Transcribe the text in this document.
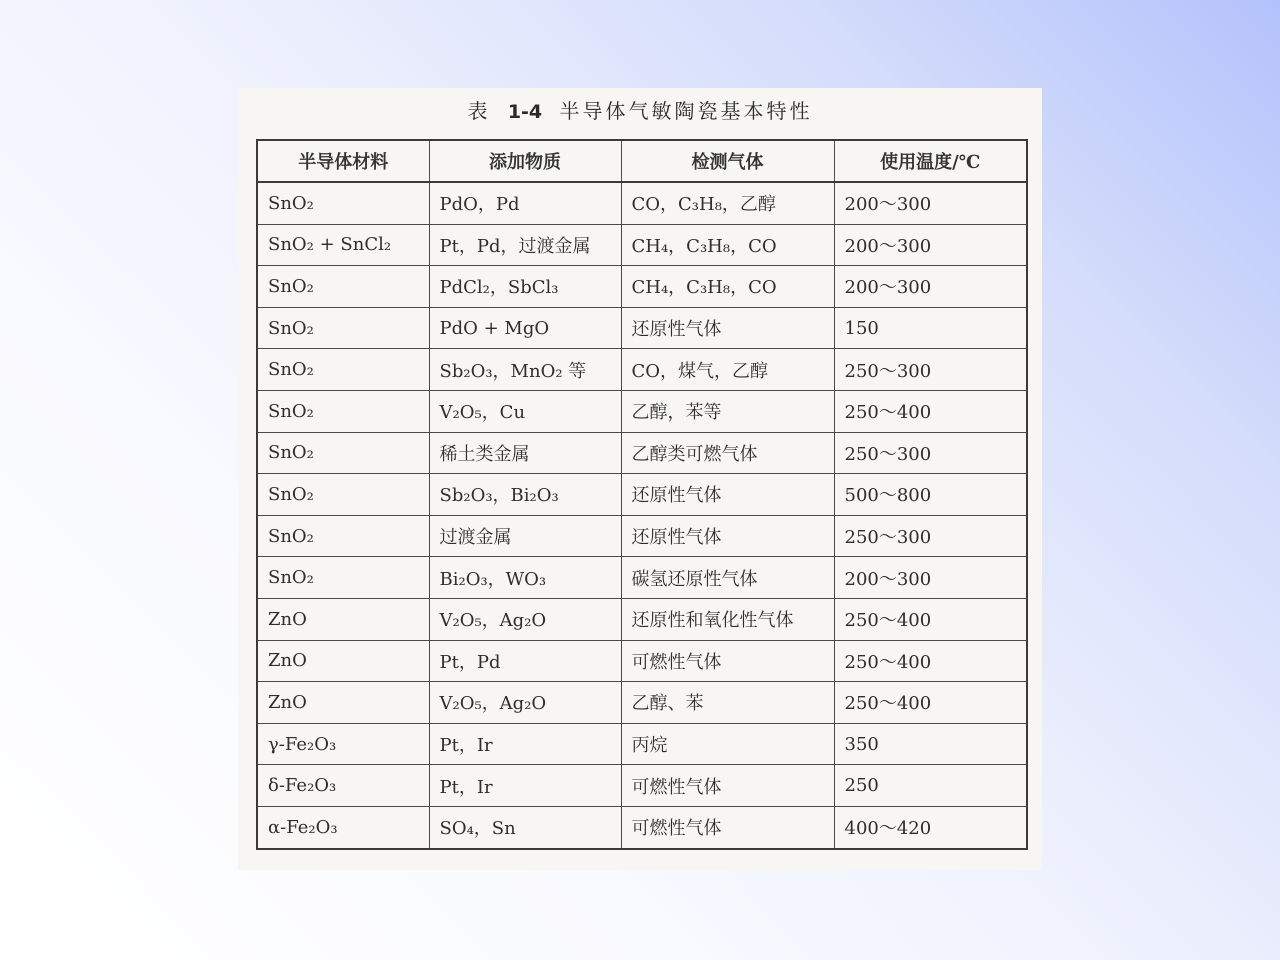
表 1-4 半导体气敏陶瓷基本特性
半导体材料	添加物质	检测气体	使用温度/℃
SnO₂	PdO，Pd	CO，C₃H₈，乙醇	200～300
SnO₂ + SnCl₂	Pt，Pd，过渡金属	CH₄，C₃H₈，CO	200～300
SnO₂	PdCl₂，SbCl₃	CH₄，C₃H₈，CO	200～300
SnO₂	PdO + MgO	还原性气体	150
SnO₂	Sb₂O₃，MnO₂ 等	CO，煤气，乙醇	250～300
SnO₂	V₂O₅，Cu	乙醇，苯等	250～400
SnO₂	稀土类金属	乙醇类可燃气体	250～300
SnO₂	Sb₂O₃，Bi₂O₃	还原性气体	500～800
SnO₂	过渡金属	还原性气体	250～300
SnO₂	Bi₂O₃，WO₃	碳氢还原性气体	200～300
ZnO	V₂O₅，Ag₂O	还原性和氧化性气体	250～400
ZnO	Pt，Pd	可燃性气体	250～400
ZnO	V₂O₅，Ag₂O	乙醇、苯	250～400
γ-Fe₂O₃	Pt，Ir	丙烷	350
δ-Fe₂O₃	Pt，Ir	可燃性气体	250
α-Fe₂O₃	SO₄，Sn	可燃性气体	400～420
